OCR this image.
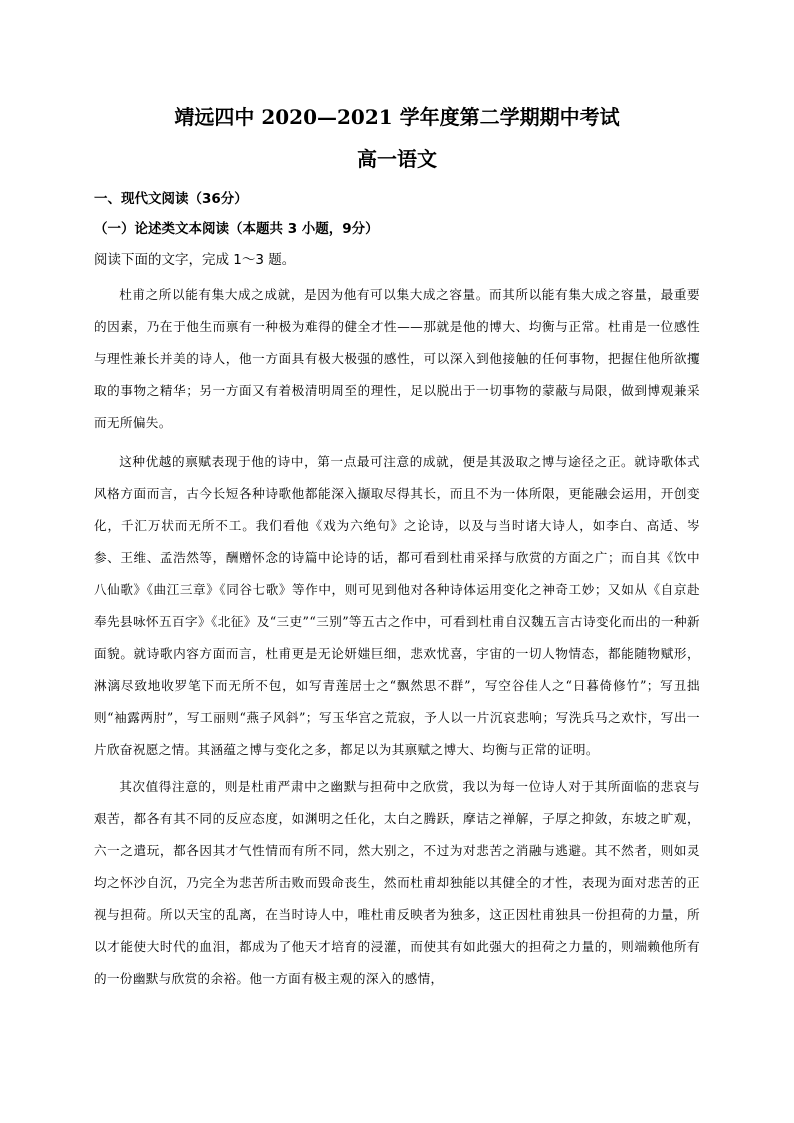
靖远四中 2020—2021 学年度第二学期期中考试
高一语文
一、现代文阅读（36分）
（一）论述类文本阅读（本题共 3 小题，9分）
阅读下面的文字，完成 1～3 题。

杜甫之所以能有集大成之成就，是因为他有可以集大成之容量。而其所以能有集大成之容量，最重要的因素，乃在于他生而禀有一种极为难得的健全才性——那就是他的博大、均衡与正常。杜甫是一位感性与理性兼长并美的诗人，他一方面具有极大极强的感性，可以深入到他接触的任何事物，把握住他所欲攫取的事物之精华；另一方面又有着极清明周至的理性，足以脱出于一切事物的蒙蔽与局限，做到博观兼采而无所偏失。

这种优越的禀赋表现于他的诗中，第一点最可注意的成就，便是其汲取之博与途径之正。就诗歌体式风格方面而言，古今长短各种诗歌他都能深入撷取尽得其长，而且不为一体所限，更能融会运用，开创变化，千汇万状而无所不工。我们看他《戏为六绝句》之论诗，以及与当时诸大诗人，如李白、高适、岑参、王维、孟浩然等，酬赠怀念的诗篇中论诗的话，都可看到杜甫采择与欣赏的方面之广；而自其《饮中八仙歌》《曲江三章》《同谷七歌》等作中，则可见到他对各种诗体运用变化之神奇工妙；又如从《自京赴奉先县咏怀五百字》《北征》及“三吏”“三别”等五古之作中，可看到杜甫自汉魏五言古诗变化而出的一种新面貌。就诗歌内容方面而言，杜甫更是无论妍媸巨细，悲欢忧喜，宇宙的一切人物情态，都能随物赋形，淋漓尽致地收罗笔下而无所不包，如写青莲居士之“飘然思不群”，写空谷佳人之“日暮倚修竹”；写丑拙则“袖露两肘”，写工丽则“燕子风斜”；写玉华宫之荒寂，予人以一片沉哀悲响；写洗兵马之欢忭，写出一片欣奋祝愿之情。其涵蕴之博与变化之多，都足以为其禀赋之博大、均衡与正常的证明。

其次值得注意的，则是杜甫严肃中之幽默与担荷中之欣赏，我以为每一位诗人对于其所面临的悲哀与艰苦，都各有其不同的反应态度，如渊明之任化，太白之腾跃，摩诘之禅解，子厚之抑敛，东坡之旷观，六一之遣玩，都各因其才气性情而有所不同，然大别之，不过为对悲苦之消融与逃避。其不然者，则如灵均之怀沙自沉，乃完全为悲苦所击败而毁命丧生，然而杜甫却独能以其健全的才性，表现为面对悲苦的正视与担荷。所以天宝的乱离，在当时诗人中，唯杜甫反映者为独多，这正因杜甫独具一份担荷的力量，所以才能使大时代的血泪，都成为了他天才培育的浸灌，而使其有如此强大的担荷之力量的，则端赖他所有的一份幽默与欣赏的余裕。他一方面有极主观的深入的感情，
